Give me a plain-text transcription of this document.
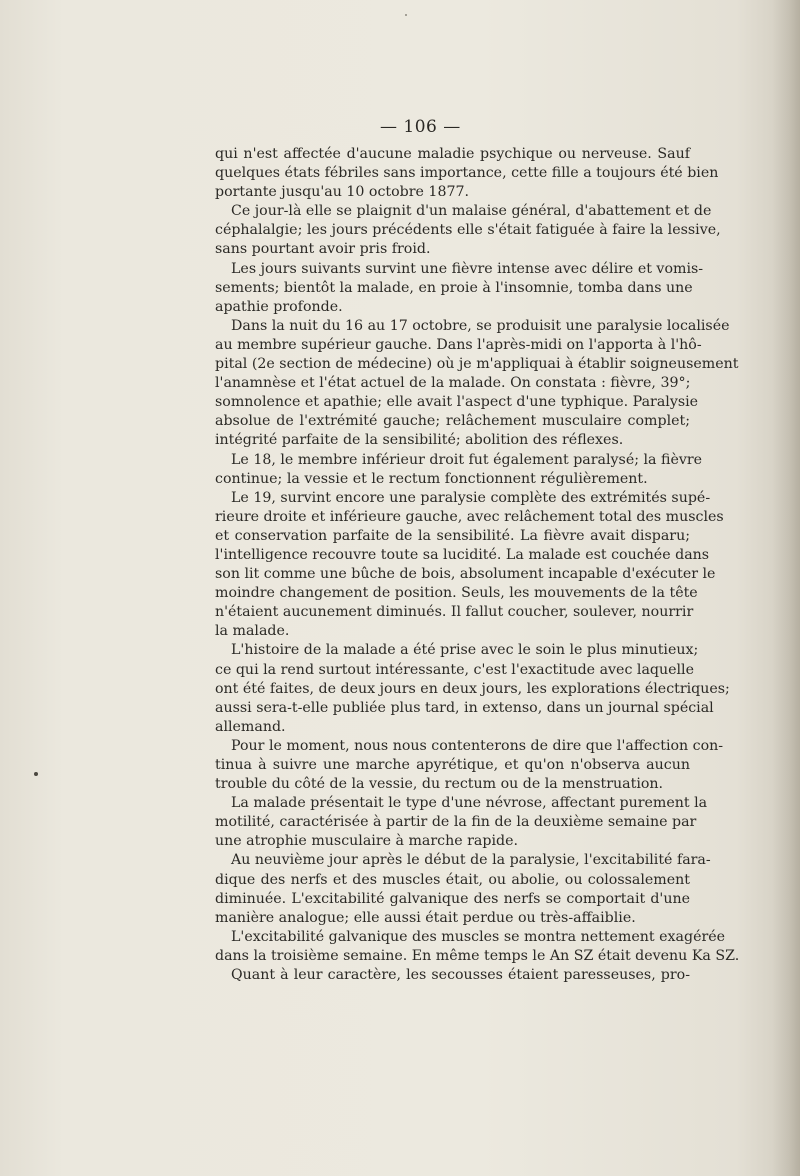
— 106 —
qui n'est affectée d'aucune maladie psychique ou nerveuse. Sauf
quelques états fébriles sans importance, cette fille a toujours été bien
portante jusqu'au 10 octobre 1877.
Ce jour-là elle se plaignit d'un malaise général, d'abattement et de
céphalalgie; les jours précédents elle s'était fatiguée à faire la lessive,
sans pourtant avoir pris froid.
Les jours suivants survint une fièvre intense avec délire et vomis-
sements; bientôt la malade, en proie à l'insomnie, tomba dans une
apathie profonde.
Dans la nuit du 16 au 17 octobre, se produisit une paralysie localisée
au membre supérieur gauche. Dans l'après-midi on l'apporta à l'hô-
pital (2e section de médecine) où je m'appliquai à établir soigneusement
l'anamnèse et l'état actuel de la malade. On constata : fièvre, 39°;
somnolence et apathie; elle avait l'aspect d'une typhique. Paralysie
absolue de l'extrémité gauche; relâchement musculaire complet;
intégrité parfaite de la sensibilité; abolition des réflexes.
Le 18, le membre inférieur droit fut également paralysé; la fièvre
continue; la vessie et le rectum fonctionnent régulièrement.
Le 19, survint encore une paralysie complète des extrémités supé-
rieure droite et inférieure gauche, avec relâchement total des muscles
et conservation parfaite de la sensibilité. La fièvre avait disparu;
l'intelligence recouvre toute sa lucidité. La malade est couchée dans
son lit comme une bûche de bois, absolument incapable d'exécuter le
moindre changement de position. Seuls, les mouvements de la tête
n'étaient aucunement diminués. Il fallut coucher, soulever, nourrir
la malade.
L'histoire de la malade a été prise avec le soin le plus minutieux;
ce qui la rend surtout intéressante, c'est l'exactitude avec laquelle
ont été faites, de deux jours en deux jours, les explorations électriques;
aussi sera-t-elle publiée plus tard, in extenso, dans un journal spécial
allemand.
Pour le moment, nous nous contenterons de dire que l'affection con-
tinua à suivre une marche apyrétique, et qu'on n'observa aucun
trouble du côté de la vessie, du rectum ou de la menstruation.
La malade présentait le type d'une névrose, affectant purement la
motilité, caractérisée à partir de la fin de la deuxième semaine par
une atrophie musculaire à marche rapide.
Au neuvième jour après le début de la paralysie, l'excitabilité fara-
dique des nerfs et des muscles était, ou abolie, ou colossalement
diminuée. L'excitabilité galvanique des nerfs se comportait d'une
manière analogue; elle aussi était perdue ou très-affaiblie.
L'excitabilité galvanique des muscles se montra nettement exagérée
dans la troisième semaine. En même temps le An SZ était devenu Ka SZ.
Quant à leur caractère, les secousses étaient paresseuses, pro-
